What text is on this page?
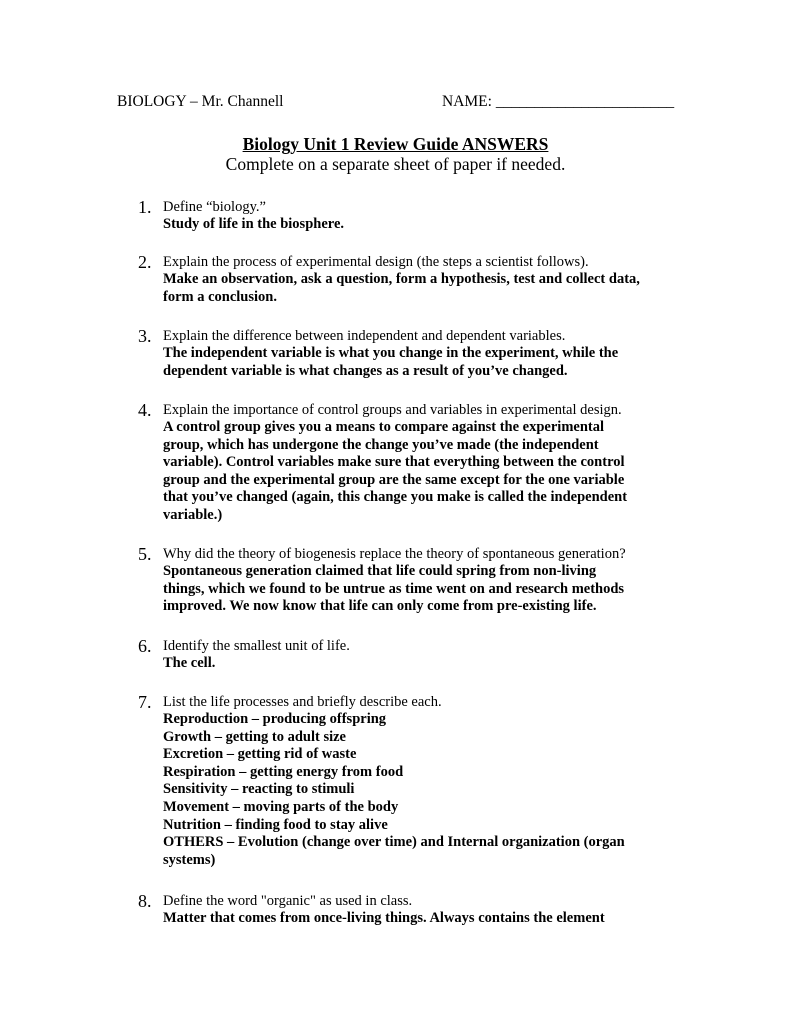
BIOLOGY – Mr. Channell	NAME: _______________________
Biology Unit 1 Review Guide ANSWERS
Complete on a separate sheet of paper if needed.
1. Define “biology.”
Study of life in the biosphere.
2. Explain the process of experimental design (the steps a scientist follows).
Make an observation, ask a question, form a hypothesis, test and collect data,
form a conclusion.
3. Explain the difference between independent and dependent variables.
The independent variable is what you change in the experiment, while the
dependent variable is what changes as a result of you’ve changed.
4. Explain the importance of control groups and variables in experimental design.
A control group gives you a means to compare against the experimental
group, which has undergone the change you’ve made (the independent
variable). Control variables make sure that everything between the control
group and the experimental group are the same except for the one variable
that you’ve changed (again, this change you make is called the independent
variable.)
5. Why did the theory of biogenesis replace the theory of spontaneous generation?
Spontaneous generation claimed that life could spring from non-living
things, which we found to be untrue as time went on and research methods
improved. We now know that life can only come from pre-existing life.
6. Identify the smallest unit of life.
The cell.
7. List the life processes and briefly describe each.
Reproduction – producing offspring
Growth – getting to adult size
Excretion – getting rid of waste
Respiration – getting energy from food
Sensitivity – reacting to stimuli
Movement – moving parts of the body
Nutrition – finding food to stay alive
OTHERS – Evolution (change over time) and Internal organization (organ
systems)
8. Define the word "organic" as used in class.
Matter that comes from once-living things. Always contains the element
